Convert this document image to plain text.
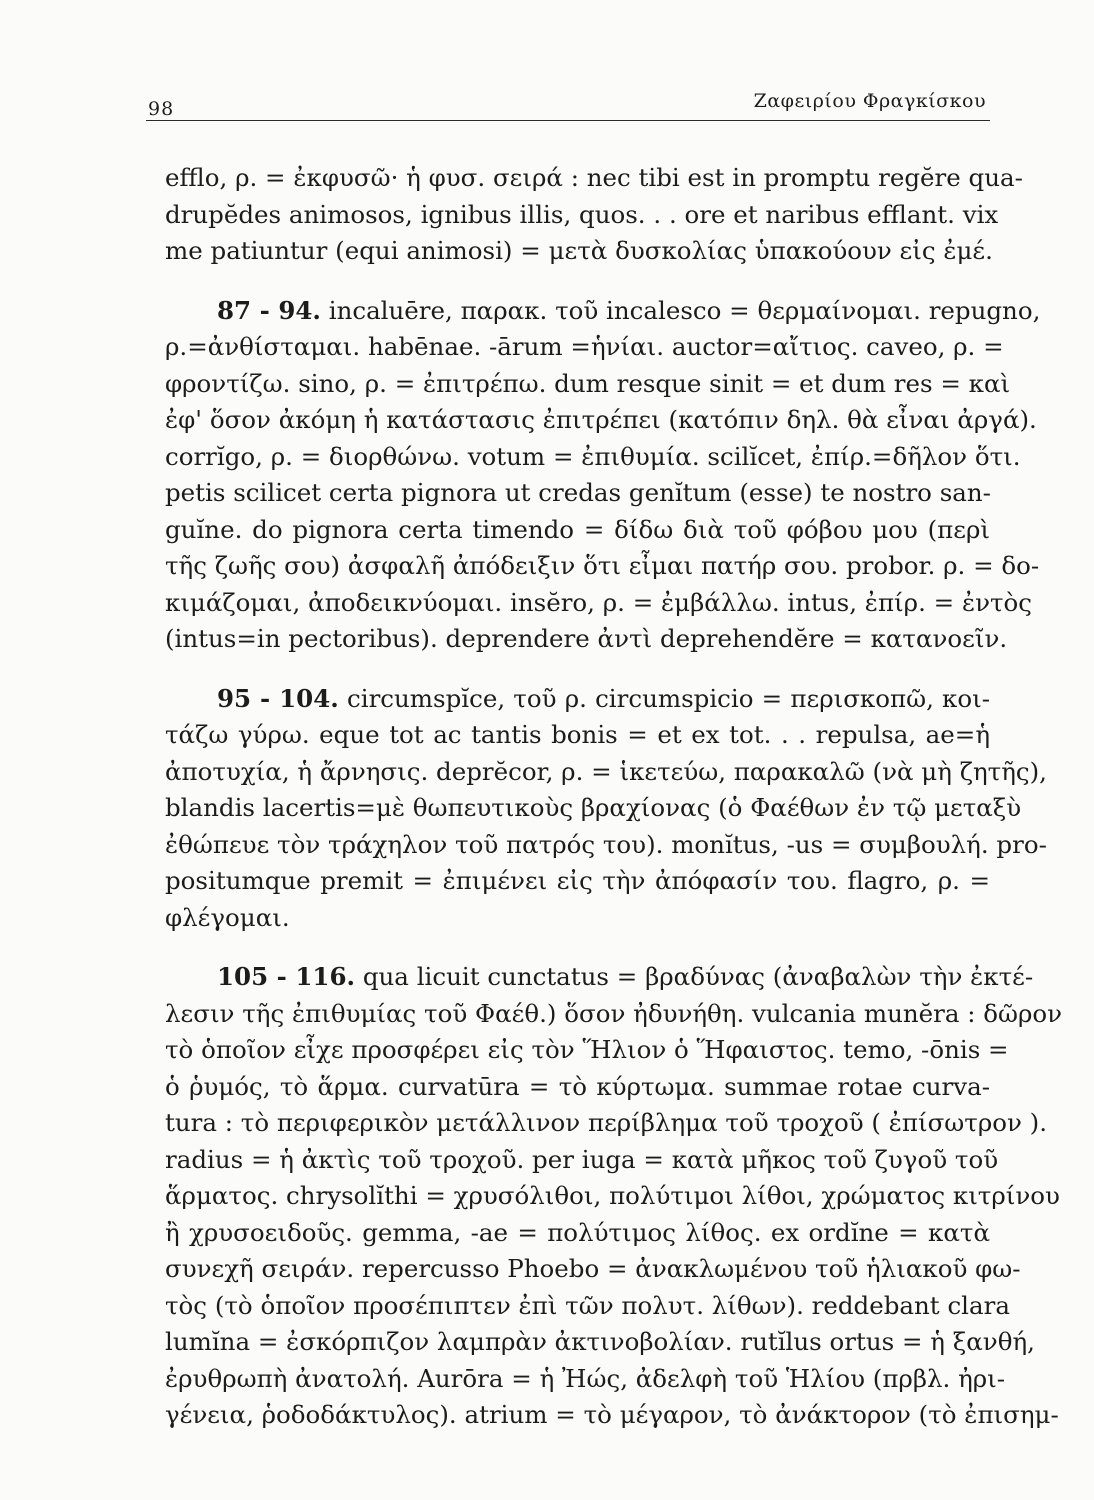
98	Ζαφειρίου Φραγκίσκου

efflo, ρ. = ἐκφυσῶ· ἡ φυσ. σειρά : nec tibi est in promptu regĕre qua-
drupĕdes animosos, ignibus illis, quos. . . ore et naribus efflant. vix
me patiuntur (equi animosi) = μετὰ δυσκολίας ὑπακούουν εἰς ἐμέ.

87 - 94. incaluēre, παρακ. τοῦ incalesco = θερμαίνομαι. repugno,
ρ.=ἀνθίσταμαι. habēnae. -ārum =ἡνίαι. auctor=αἴτιος. caveo, ρ. =
φροντίζω. sino, ρ. = ἐπιτρέπω. dum resque sinit = et dum res = καὶ
ἐφ' ὅσον ἀκόμη ἡ κατάστασις ἐπιτρέπει (κατόπιν δηλ. θὰ εἶναι ἀργά).
corrĭgo, ρ. = διορθώνω. votum = ἐπιθυμία. scilĭcet, ἐπίρ.=δῆλον ὅτι.
petis scilicet certa pignora ut credas genĭtum (esse) te nostro san-
guĭne. do pignora certa timendo = δίδω διὰ τοῦ φόβου μου (περὶ
τῆς ζωῆς σου) ἀσφαλῆ ἀπόδειξιν ὅτι εἶμαι πατήρ σου. probor. ρ. = δο-
κιμάζομαι, ἀποδεικνύομαι. insĕro, ρ. = ἐμβάλλω. intus, ἐπίρ. = ἐντὸς
(intus=in pectoribus). deprendere ἀντὶ deprehendĕre = κατανοεῖν.

95 - 104. circumspĭce, τοῦ ρ. circumspicio = περισκοπῶ, κοι-
τάζω γύρω. eque tot ac tantis bonis = et ex tot. . . repulsa, ae=ἡ
ἀποτυχία, ἡ ἄρνησις. deprĕcor, ρ. = ἱκετεύω, παρακαλῶ (νὰ μὴ ζητῆς),
blandis lacertis=μὲ θωπευτικοὺς βραχίονας (ὁ Φαέθων ἐν τῷ μεταξὺ
ἐθώπευε τὸν τράχηλον τοῦ πατρός του). monĭtus, -us = συμβουλή. pro-
positumque premit = ἐπιμένει εἰς τὴν ἀπόφασίν του. flagro, ρ. =
φλέγομαι.

105 - 116. qua licuit cunctatus = βραδύνας (ἀναβαλὼν τὴν ἐκτέ-
λεσιν τῆς ἐπιθυμίας τοῦ Φαέθ.) ὅσον ἠδυνήθη. vulcania munĕra : δῶρον
τὸ ὁποῖον εἶχε προσφέρει εἰς τὸν Ἥλιον ὁ Ἥφαιστος. temo, -ōnis =
ὁ ῥυμός, τὸ ἅρμα. curvatūra = τὸ κύρτωμα. summae rotae curva-
tura : τὸ περιφερικὸν μετάλλινον περίβλημα τοῦ τροχοῦ ( ἐπίσωτρον ).
radius = ἡ ἀκτὶς τοῦ τροχοῦ. per iuga = κατὰ μῆκος τοῦ ζυγοῦ τοῦ
ἅρματος. chrysolĭthi = χρυσόλιθοι, πολύτιμοι λίθοι, χρώματος κιτρίνου
ἢ χρυσοειδοῦς. gemma, -ae = πολύτιμος λίθος. ex ordĭne = κατὰ
συνεχῆ σειράν. repercusso Phoebo = ἀνακλωμένου τοῦ ἡλιακοῦ φω-
τὸς (τὸ ὁποῖον προσέπιπτεν ἐπὶ τῶν πολυτ. λίθων). reddebant clara
lumĭna = ἐσκόρπιζον λαμπρὰν ἀκτινοβολίαν. rutĭlus ortus = ἡ ξανθή,
ἐρυθρωπὴ ἀνατολή. Aurōra = ἡ Ἠώς, ἀδελφὴ τοῦ Ἡλίου (πρβλ. ἠρι-
γένεια, ῥοδοδάκτυλος). atrium = τὸ μέγαρον, τὸ ἀνάκτορον (τὸ ἐπισημ-
